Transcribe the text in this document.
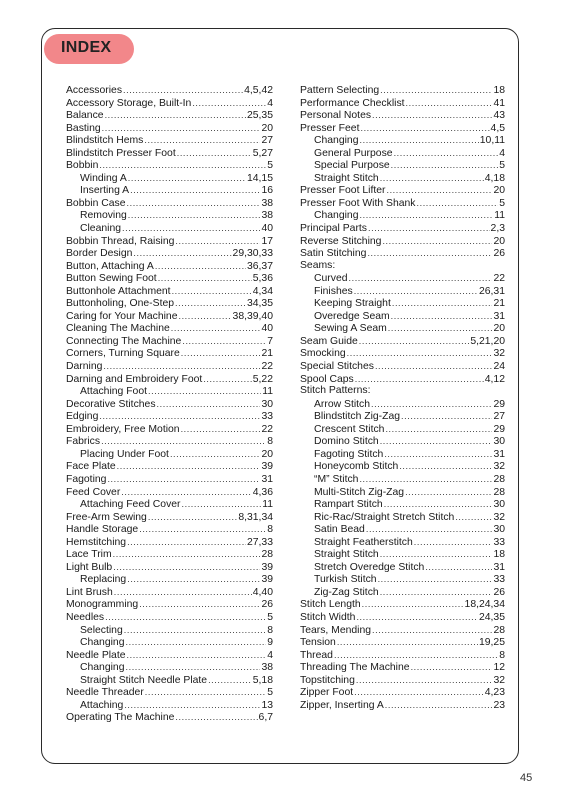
INDEX
Accessories .....	4,5,42
Accessory Storage, Built-In .....	4
Balance .....	25,35
Basting .....	20
Blindstitch Hems .....	27
Blindstitch Presser Foot .....	5,27
Bobbin .....	5
Winding A .....	14,15
Inserting A .....	16
Bobbin Case .....	38
Removing .....	38
Cleaning .....	40
Bobbin Thread, Raising .....	17
Border Design .....	29,30,33
Button, Attaching A .....	36,37
Button Sewing Foot .....	5,36
Buttonhole Attachment .....	4,34
Buttonholing, One-Step .....	34,35
Caring for Your Machine .....	38,39,40
Cleaning The Machine .....	40
Connecting The Machine .....	7
Corners, Turning Square .....	21
Darning .....	22
Darning and Embroidery Foot .....	5,22
Attaching Foot .....	11
Decorative Stitches .....	30
Edging .....	33
Embroidery, Free Motion .....	22
Fabrics .....	8
Placing Under Foot .....	20
Face Plate .....	39
Fagoting .....	31
Feed Cover .....	4,36
Attaching Feed Cover .....	11
Free-Arm Sewing .....	8,31,34
Handle Storage .....	8
Hemstitching .....	27,33
Lace Trim .....	28
Light Bulb .....	39
Replacing .....	39
Lint Brush .....	4,40
Monogramming .....	26
Needles .....	5
Selecting .....	8
Changing .....	9
Needle Plate .....	4
Changing .....	38
Straight Stitch Needle Plate .....	5,18
Needle Threader .....	5
Attaching .....	13
Operating The Machine .....	6,7
Pattern Selecting .....	18
Performance Checklist .....	41
Personal Notes .....	43
Presser Feet .....	4,5
Changing .....	10,11
General Purpose .....	4
Special Purpose .....	5
Straight Stitch .....	4,18
Presser Foot Lifter .....	20
Presser Foot With Shank .....	5
Changing .....	11
Principal Parts .....	2,3
Reverse Stitching .....	20
Satin Stitching .....	26
Seams:
Curved .....	22
Finishes .....	26,31
Keeping Straight .....	21
Overedge Seam .....	31
Sewing A Seam .....	20
Seam Guide .....	5,21,20
Smocking .....	32
Special Stitches .....	24
Spool Caps .....	4,12
Stitch Patterns:
Arrow Stitch .....	29
Blindstitch Zig-Zag .....	27
Crescent Stitch .....	29
Domino Stitch .....	30
Fagoting Stitch .....	31
Honeycomb Stitch .....	32
“M” Stitch .....	28
Multi-Stitch Zig-Zag .....	28
Rampart Stitch .....	30
Ric-Rac/Straight Stretch Stitch .....	32
Satin Bead .....	30
Straight Featherstitch .....	33
Straight Stitch .....	18
Stretch Overedge Stitch .....	31
Turkish Stitch .....	33
Zig-Zag Stitch .....	26
Stitch Length .....	18,24,34
Stitch Width .....	24,35
Tears, Mending .....	28
Tension .....	19,25
Thread .....	8
Threading The Machine .....	12
Topstitching .....	32
Zipper Foot .....	4,23
Zipper, Inserting A .....	23
45
